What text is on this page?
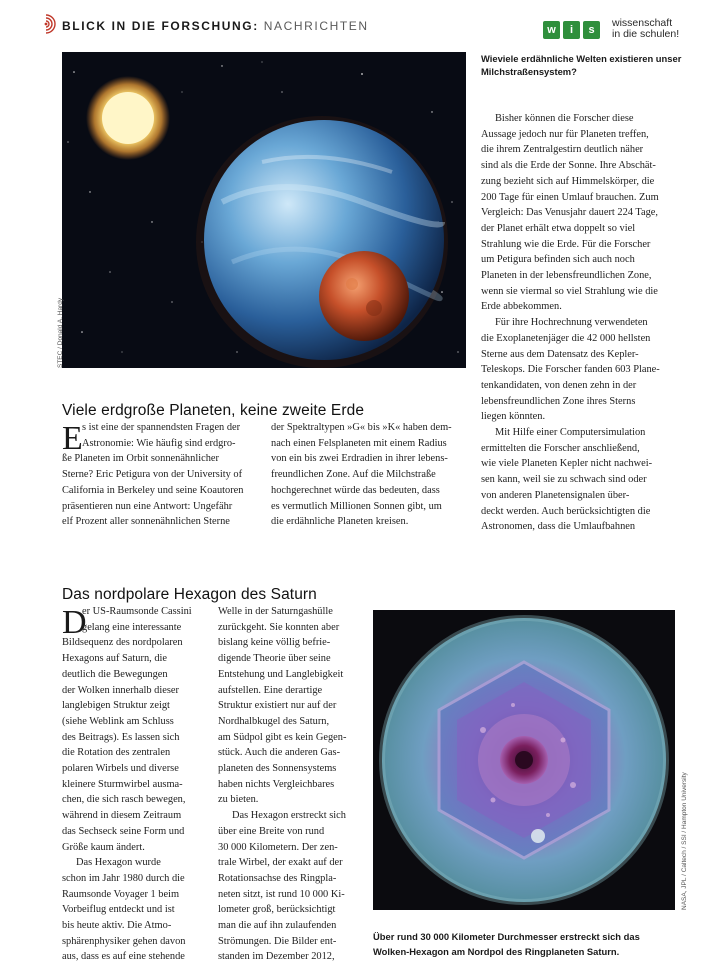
BLICK IN DIE FORSCHUNG: NACHRICHTEN	w	i	s
wissenschaft
in die schulen!
STEC / Donald A. Hardy
Wieviele erdähnliche Welten existieren unser
Milchstraßensystem?
Viele erdgroße Planeten, keine zweite Erde
E s ist eine der spannendsten Fragen der
Astronomie: Wie häufig sind erdgro-
ße Planeten im Orbit sonnenähnlicher
Sterne? Eric Petigura von der University of
California in Berkeley und seine Koautoren
präsentieren nun eine Antwort: Ungefähr
elf Prozent aller sonnenähnlichen Sterne
der Spektraltypen »G« bis »K« haben dem-
nach einen Felsplaneten mit einem Radius
von ein bis zwei Erdradien in ihrer lebens-
freundlichen Zone. Auf die Milchstraße
hochgerechnet würde das bedeuten, dass
es vermutlich Millionen Sonnen gibt, um
die erdähnliche Planeten kreisen.
Bisher können die Forscher diese
Aussage jedoch nur für Planeten treffen,
die ihrem Zentralgestirn deutlich näher
sind als die Erde der Sonne. Ihre Abschät-
zung bezieht sich auf Himmelskörper, die
200 Tage für einen Umlauf brauchen. Zum
Vergleich: Das Venusjahr dauert 224 Tage,
der Planet erhält etwa doppelt so viel
Strahlung wie die Erde. Für die Forscher
um Petigura befinden sich auch noch
Planeten in der lebensfreundlichen Zone,
wenn sie viermal so viel Strahlung wie die
Erde abbekommen.
Für ihre Hochrechnung verwendeten
die Exoplanetenjäger die 42 000 hellsten
Sterne aus dem Datensatz des Kepler-
Teleskops. Die Forscher fanden 603 Plane-
tenkandidaten, von denen zehn in der
lebensfreundlichen Zone ihres Sterns
liegen könnten.
Mit Hilfe einer Computersimulation
ermittelten die Forscher anschließend,
wie viele Planeten Kepler nicht nachwei-
sen kann, weil sie zu schwach sind oder
von anderen Planetensignalen über-
deckt werden. Auch berücksichtigten die
Astronomen, dass die Umlaufbahnen
Das nordpolare Hexagon des Saturn
D
er US-Raumsonde Cassini
gelang eine interessante
Bildsequenz des nordpolaren
Hexagons auf Saturn, die
deutlich die Bewegungen
der Wolken innerhalb dieser
langlebigen Struktur zeigt
(siehe Weblink am Schluss
des Beitrags). Es lassen sich
die Rotation des zentralen
polaren Wirbels und diverse
kleinere Sturmwirbel ausma-
chen, die sich rasch bewegen,
während in diesem Zeitraum
das Sechseck seine Form und
Größe kaum ändert.
Das Hexagon wurde
schon im Jahr 1980 durch die
Raumsonde Voyager 1 beim
Vorbeiflug entdeckt und ist
bis heute aktiv. Die Atmo-
sphärenphysiker gehen davon
aus, dass es auf eine stehende
Welle in der Saturngashülle
zurückgeht. Sie konnten aber
bislang keine völlig befrie-
digende Theorie über seine
Entstehung und Langlebigkeit
aufstellen. Eine derartige
Struktur existiert nur auf der
Nordhalbkugel des Saturn,
am Südpol gibt es kein Gegen-
stück. Auch die anderen Gas-
planeten des Sonnensystems
haben nichts Vergleichbares
zu bieten.
Das Hexagon erstreckt sich
über eine Breite von rund
30 000 Kilometern. Der zen-
trale Wirbel, der exakt auf der
Rotationsachse des Ringpla-
neten sitzt, ist rund 10 000 Ki-
lometer groß, berücksichtigt
man die auf ihn zulaufenden
Strömungen. Die Bilder ent-
standen im Dezember 2012,
NASA, JPL / Caltech / SSI / Hampton University
Über rund 30 000 Kilometer Durchmesser erstreckt sich das
Wolken-Hexagon am Nordpol des Ringplaneten Saturn.
